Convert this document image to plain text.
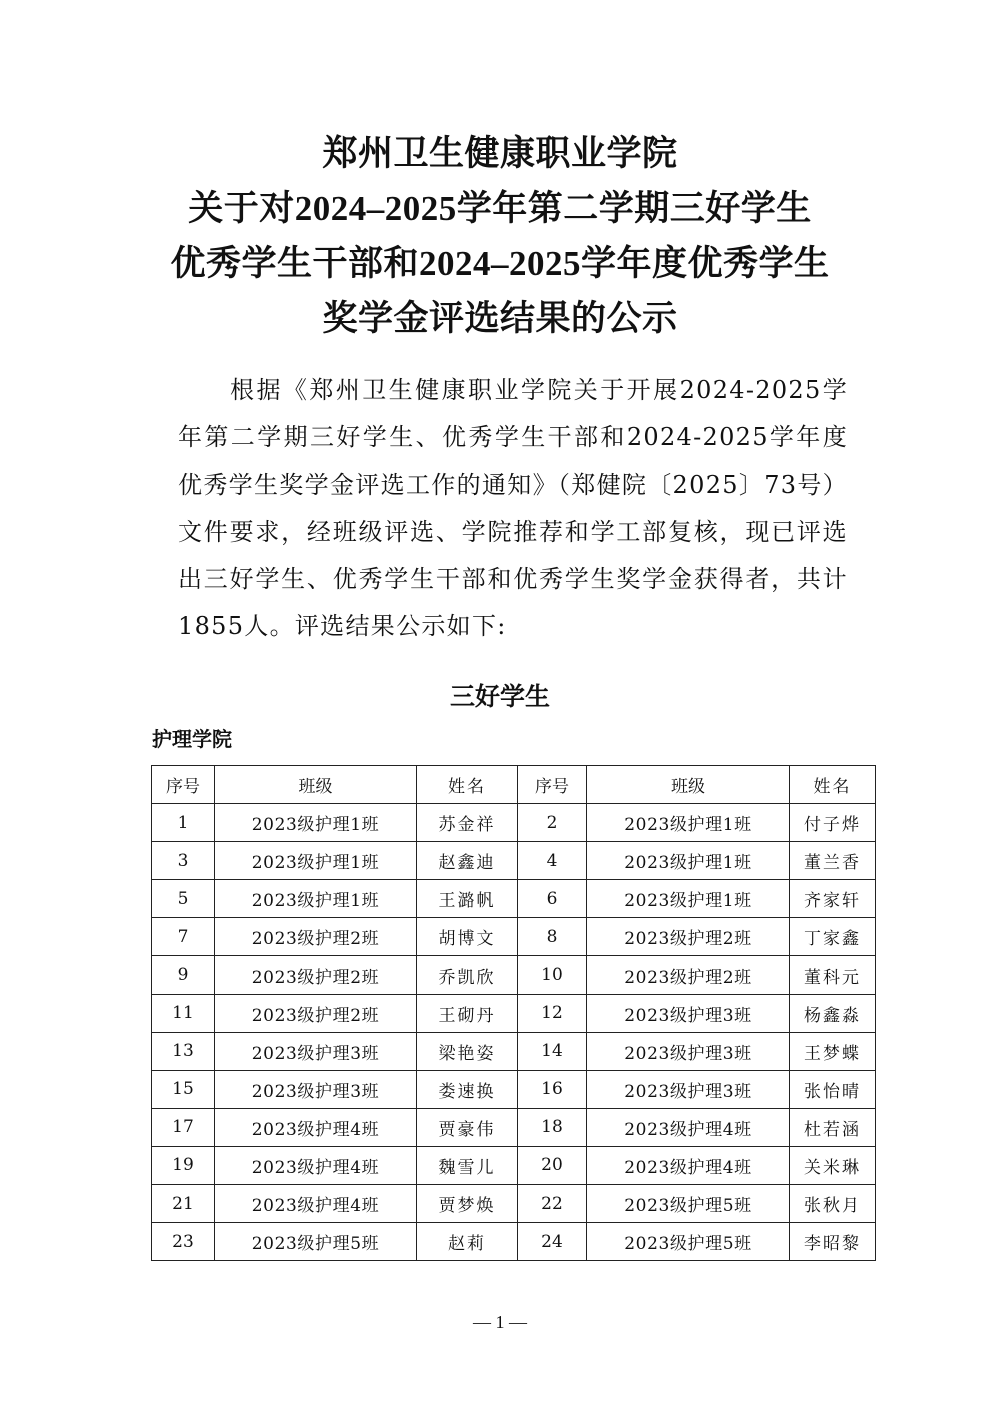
郑州卫生健康职业学院
关于对2024–2025学年第二学期三好学生
优秀学生干部和2024–2025学年度优秀学生
奖学金评选结果的公示

根据《郑州卫生健康职业学院关于开展2024-2025学年第二学期三好学生、优秀学生干部和2024-2025学年度优秀学生奖学金评选工作的通知》（郑健院〔2025〕73号）文件要求，经班级评选、学院推荐和学工部复核，现已评选出三好学生、优秀学生干部和优秀学生奖学金获得者，共计1855人。评选结果公示如下:

三好学生
护理学院
序号	班级	姓名	序号	班级	姓名
1	2023级护理1班	苏金祥	2	2023级护理1班	付子烨
3	2023级护理1班	赵鑫迪	4	2023级护理1班	董兰香
5	2023级护理1班	王潞帆	6	2023级护理1班	齐家轩
7	2023级护理2班	胡博文	8	2023级护理2班	丁家鑫
9	2023级护理2班	乔凯欣	10	2023级护理2班	董科元
11	2023级护理2班	王砌丹	12	2023级护理3班	杨鑫淼
13	2023级护理3班	梁艳姿	14	2023级护理3班	王梦蝶
15	2023级护理3班	娄速换	16	2023级护理3班	张怡晴
17	2023级护理4班	贾豪伟	18	2023级护理4班	杜若涵
19	2023级护理4班	魏雪儿	20	2023级护理4班	关米琳
21	2023级护理4班	贾梦焕	22	2023级护理5班	张秋月
23	2023级护理5班	赵莉	24	2023级护理5班	李昭黎
— 1 —
